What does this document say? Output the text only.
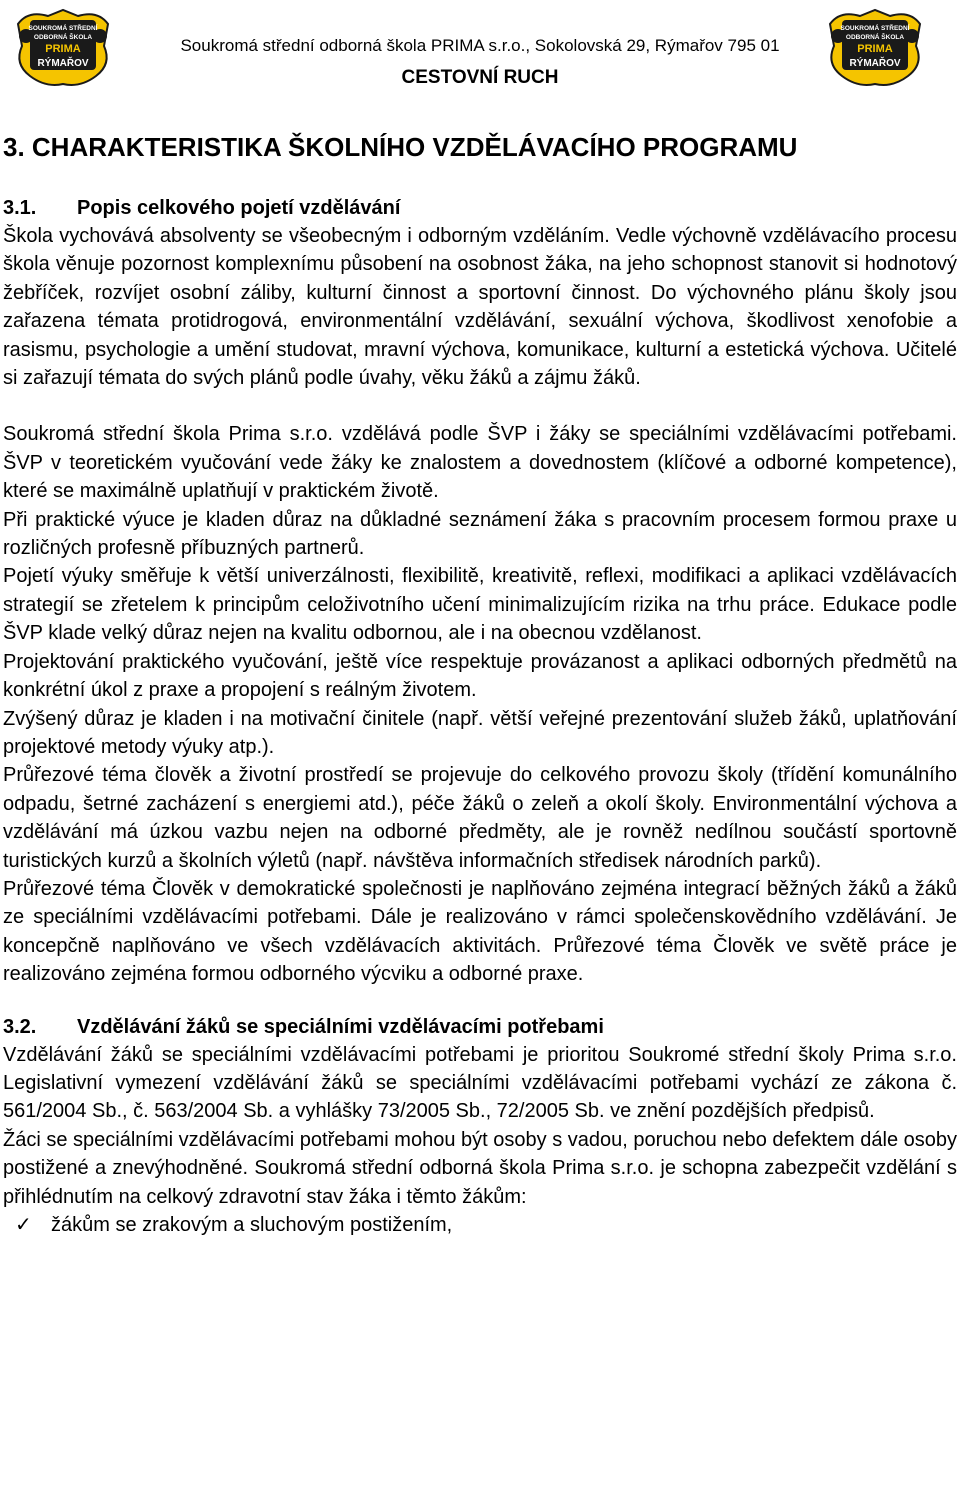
SOUKROMÁ STŘEDNÍ
ODBORNÁ ŠKOLA
PRIMA
RÝMAŘOV
Soukromá střední odborná škola PRIMA s.r.o., Sokolovská 29, Rýmařov 795 01
CESTOVNÍ RUCH
SOUKROMÁ STŘEDNÍ
ODBORNÁ ŠKOLA
PRIMA
RÝMAŘOV
3. CHARAKTERISTIKA ŠKOLNÍHO VZDĚLÁVACÍHO PROGRAMU
3.1.	Popis celkového pojetí vzdělávání

Škola vychovává absolventy se všeobecným i odborným vzděláním. Vedle výchovně vzdělávacího procesu škola věnuje pozornost komplexnímu působení na osobnost žáka, na jeho schopnost stanovit si hodnotový žebříček, rozvíjet osobní záliby, kulturní činnost a sportovní činnost. Do výchovného plánu školy jsou zařazena témata protidrogová, environmentální vzdělávání, sexuální výchova, škodlivost xenofobie a rasismu, psychologie a umění studovat, mravní výchova, komunikace, kulturní a estetická výchova. Učitelé si zařazují témata do svých plánů podle úvahy, věku žáků a zájmu žáků.

Soukromá střední škola Prima s.r.o. vzdělává podle ŠVP i žáky se speciálními vzdělávacími potřebami. ŠVP v teoretickém vyučování vede žáky ke znalostem a dovednostem (klíčové a odborné kompetence), které se maximálně uplatňují v praktickém životě.

Při praktické výuce je kladen důraz na důkladné seznámení žáka s pracovním procesem formou praxe u rozličných profesně příbuzných partnerů.

Pojetí výuky směřuje k větší univerzálnosti, flexibilitě, kreativitě, reflexi, modifikaci a aplikaci vzdělávacích strategií se zřetelem k principům celoživotního učení minimalizujícím rizika na trhu práce. Edukace podle ŠVP klade velký důraz nejen na kvalitu odbornou, ale i na obecnou vzdělanost.

Projektování praktického vyučování, ještě více respektuje provázanost a aplikaci odborných předmětů na konkrétní úkol z praxe a propojení s reálným životem.

Zvýšený důraz je kladen i na motivační činitele (např. větší veřejné prezentování služeb žáků, uplatňování projektové metody výuky atp.).

Průřezové téma člověk a životní prostředí se projevuje do celkového provozu školy (třídění komunálního odpadu, šetrné zacházení s energiemi atd.), péče žáků o zeleň a okolí školy. Environmentální výchova a vzdělávání má úzkou vazbu nejen na odborné předměty, ale je rovněž nedílnou součástí sportovně turistických kurzů a školních výletů (např. návštěva informačních středisek národních parků).

Průřezové téma Člověk v demokratické společnosti je naplňováno zejména integrací běžných žáků a žáků ze speciálními vzdělávacími potřebami. Dále je realizováno v rámci společenskovědního vzdělávání. Je koncepčně naplňováno ve všech vzdělávacích aktivitách. Průřezové téma Člověk ve světě práce je realizováno zejména formou odborného výcviku a odborné praxe.

3.2.	Vzdělávání žáků se speciálními vzdělávacími potřebami

Vzdělávání žáků se speciálními vzdělávacími potřebami je prioritou Soukromé střední školy Prima s.r.o. Legislativní vymezení vzdělávání žáků se speciálními vzdělávacími potřebami vychází ze zákona č. 561/2004 Sb., č. 563/2004 Sb. a vyhlášky 73/2005 Sb., 72/2005 Sb. ve znění pozdějších předpisů.

Žáci se speciálními vzdělávacími potřebami mohou být osoby s vadou, poruchou nebo defektem dále osoby postižené a znevýhodněné. Soukromá střední odborná škola Prima s.r.o. je schopna zabezpečit vzdělání s přihlédnutím na celkový zdravotní stav žáka i těmto žákům:

✓ žákům se zrakovým a sluchovým postižením,
